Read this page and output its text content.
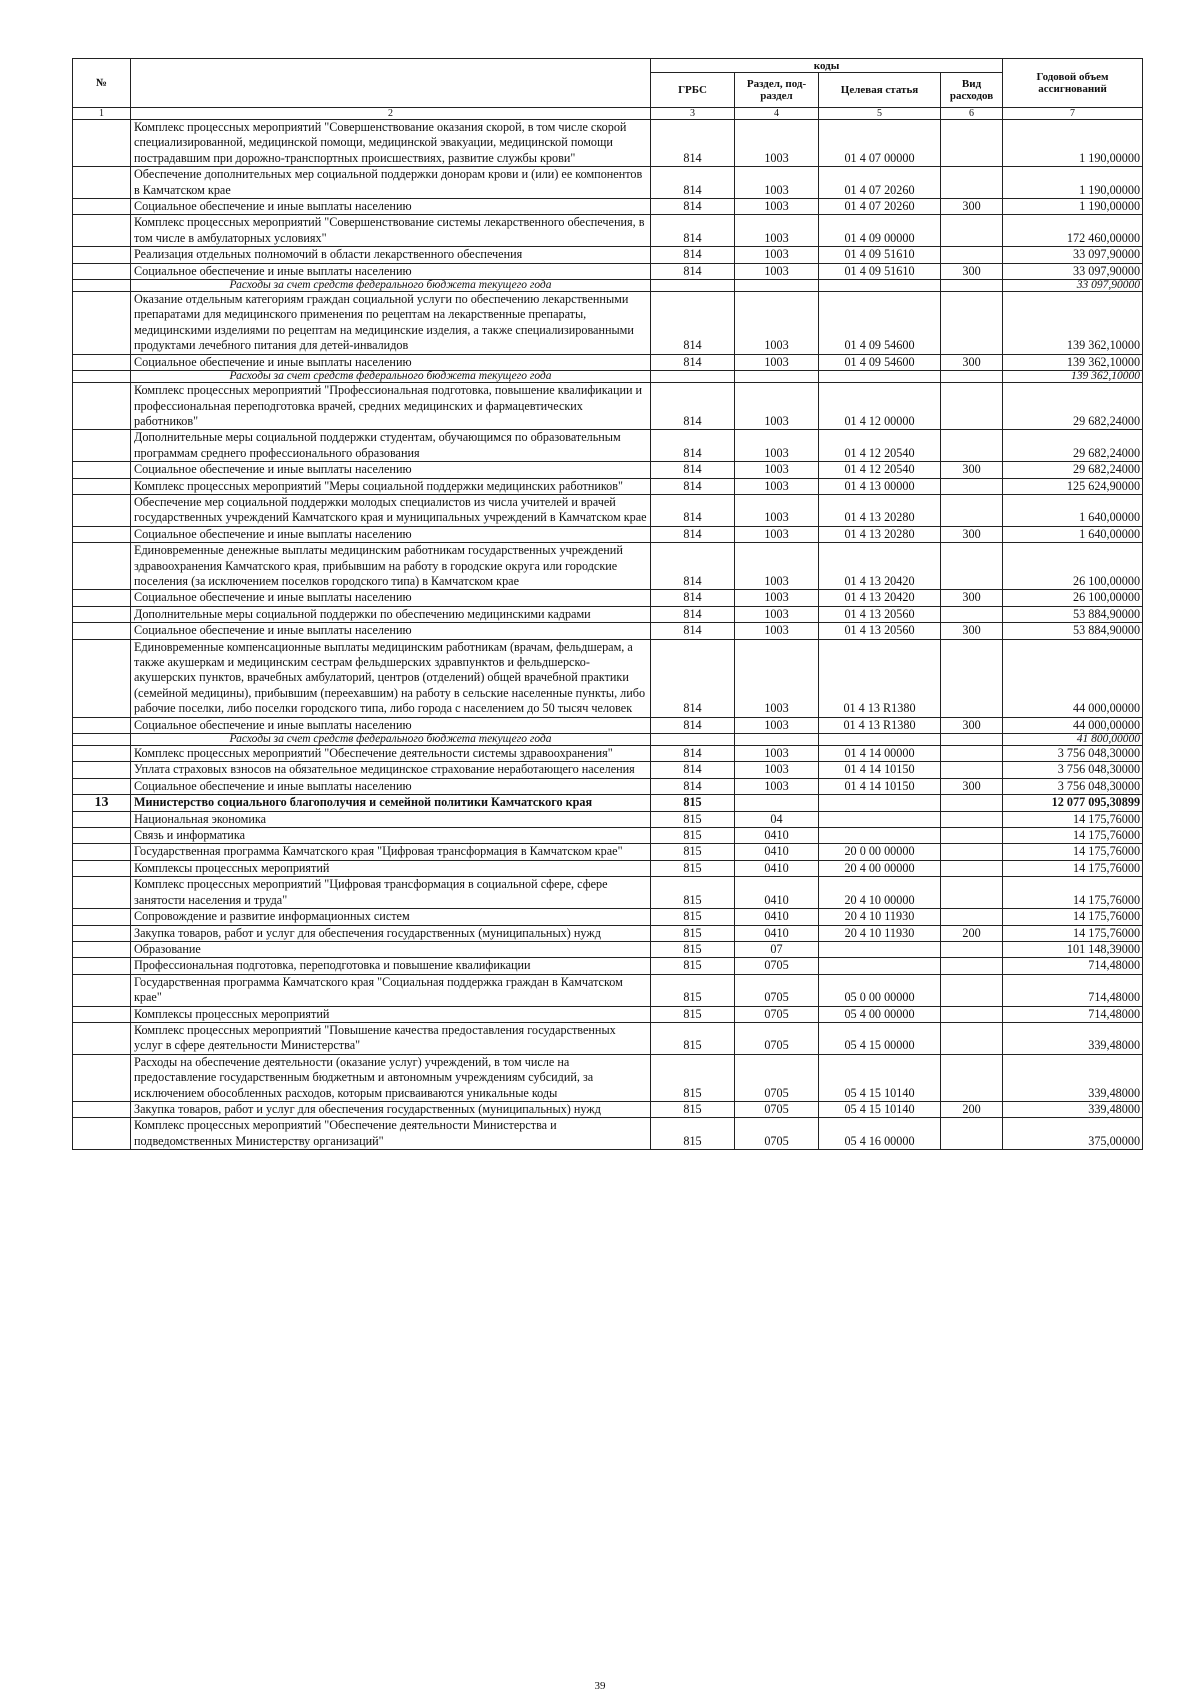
№		коды				Годовой объем ассигнований
		ГРБС	Раздел, под-раздел	Целевая статья	Вид расходов	
1	2	3	4	5	6	7
	Комплекс процессных мероприятий "Совершенствование оказания скорой, в том числе скорой специализированной, медицинской помощи, медицинской эвакуации, медицинской помощи пострадавшим при дорожно-транспортных происшествиях, развитие службы крови"	814	1003	01 4 07 00000		1 190,00000
	Обеспечение дополнительных мер социальной поддержки донорам крови и (или) ее компонентов в Камчатском крае	814	1003	01 4 07 20260		1 190,00000
	Социальное обеспечение и иные выплаты населению	814	1003	01 4 07 20260	300	1 190,00000
	Комплекс процессных мероприятий "Совершенствование системы лекарственного обеспечения, в том числе в амбулаторных условиях"	814	1003	01 4 09 00000		172 460,00000
	Реализация отдельных полномочий в области лекарственного обеспечения	814	1003	01 4 09 51610		33 097,90000
	Социальное обеспечение и иные выплаты населению	814	1003	01 4 09 51610	300	33 097,90000
	Расходы за счет средств федерального бюджета текущего года					33 097,90000
	Оказание отдельным категориям граждан социальной услуги по обеспечению лекарственными препаратами для медицинского применения по рецептам на лекарственные препараты, медицинскими изделиями по рецептам на медицинские изделия, а также специализированными продуктами лечебного питания для детей-инвалидов	814	1003	01 4 09 54600		139 362,10000
	Социальное обеспечение и иные выплаты населению	814	1003	01 4 09 54600	300	139 362,10000
	Расходы за счет средств федерального бюджета текущего года					139 362,10000
	Комплекс процессных мероприятий "Профессиональная подготовка, повышение квалификации и профессиональная переподготовка врачей, средних медицинских и фармацевтических работников"	814	1003	01 4 12 00000		29 682,24000
	Дополнительные меры социальной поддержки студентам, обучающимся по образовательным программам среднего профессионального образования	814	1003	01 4 12 20540		29 682,24000
	Социальное обеспечение и иные выплаты населению	814	1003	01 4 12 20540	300	29 682,24000
	Комплекс процессных мероприятий "Меры социальной поддержки медицинских работников"	814	1003	01 4 13 00000		125 624,90000
	Обеспечение мер социальной поддержки молодых специалистов из числа учителей и врачей государственных учреждений Камчатского края и муниципальных учреждений в Камчатском крае	814	1003	01 4 13 20280		1 640,00000
	Социальное обеспечение и иные выплаты населению	814	1003	01 4 13 20280	300	1 640,00000
	Единовременные денежные выплаты медицинским работникам государственных учреждений здравоохранения Камчатского края, прибывшим на работу в городские округа или городские поселения (за исключением поселков городского типа) в Камчатском крае	814	1003	01 4 13 20420		26 100,00000
	Социальное обеспечение и иные выплаты населению	814	1003	01 4 13 20420	300	26 100,00000
	Дополнительные меры социальной поддержки по обеспечению медицинскими кадрами	814	1003	01 4 13 20560		53 884,90000
	Социальное обеспечение и иные выплаты населению	814	1003	01 4 13 20560	300	53 884,90000
	Единовременные компенсационные выплаты медицинским работникам (врачам, фельдшерам, а также акушеркам и медицинским сестрам фельдшерских здравпунктов и фельдшерско-акушерских пунктов, врачебных амбулаторий, центров (отделений) общей врачебной практики (семейной медицины), прибывшим (переехавшим) на работу в сельские населенные пункты, либо рабочие поселки, либо поселки городского типа, либо города с населением до 50 тысяч человек	814	1003	01 4 13 R1380		44 000,00000
	Социальное обеспечение и иные выплаты населению	814	1003	01 4 13 R1380	300	44 000,00000
	Расходы за счет средств федерального бюджета текущего года					41 800,00000
	Комплекс процессных мероприятий "Обеспечение деятельности системы здравоохранения"	814	1003	01 4 14 00000		3 756 048,30000
	Уплата страховых взносов на обязательное медицинское страхование неработающего населения	814	1003	01 4 14 10150		3 756 048,30000
	Социальное обеспечение и иные выплаты населению	814	1003	01 4 14 10150	300	3 756 048,30000
13	Министерство социального благополучия и семейной политики Камчатского края	815				12 077 095,30899
	Национальная экономика	815	04			14 175,76000
	Связь и информатика	815	0410			14 175,76000
	Государственная программа Камчатского края "Цифровая трансформация в Камчатском крае"	815	0410	20 0 00 00000		14 175,76000
	Комплексы процессных мероприятий	815	0410	20 4 00 00000		14 175,76000
	Комплекс процессных мероприятий "Цифровая трансформация в социальной сфере, сфере занятости населения и труда"	815	0410	20 4 10 00000		14 175,76000
	Сопровождение и развитие информационных систем	815	0410	20 4 10 11930		14 175,76000
	Закупка товаров, работ и услуг для обеспечения государственных (муниципальных) нужд	815	0410	20 4 10 11930	200	14 175,76000
	Образование	815	07			101 148,39000
	Профессиональная подготовка, переподготовка и повышение квалификации	815	0705			714,48000
	Государственная программа Камчатского края "Социальная поддержка граждан в Камчатском крае"	815	0705	05 0 00 00000		714,48000
	Комплексы процессных мероприятий	815	0705	05 4 00 00000		714,48000
	Комплекс процессных мероприятий "Повышение качества предоставления государственных услуг в сфере деятельности Министерства"	815	0705	05 4 15 00000		339,48000
	Расходы на обеспечение деятельности (оказание услуг) учреждений, в том числе на предоставление государственным бюджетным и автономным учреждениям субсидий, за исключением обособленных расходов, которым присваиваются уникальные коды	815	0705	05 4 15 10140		339,48000
	Закупка товаров, работ и услуг для обеспечения государственных (муниципальных) нужд	815	0705	05 4 15 10140	200	339,48000
	Комплекс процессных мероприятий "Обеспечение деятельности Министерства и подведомственных Министерству организаций"	815	0705	05 4 16 00000		375,00000
39
